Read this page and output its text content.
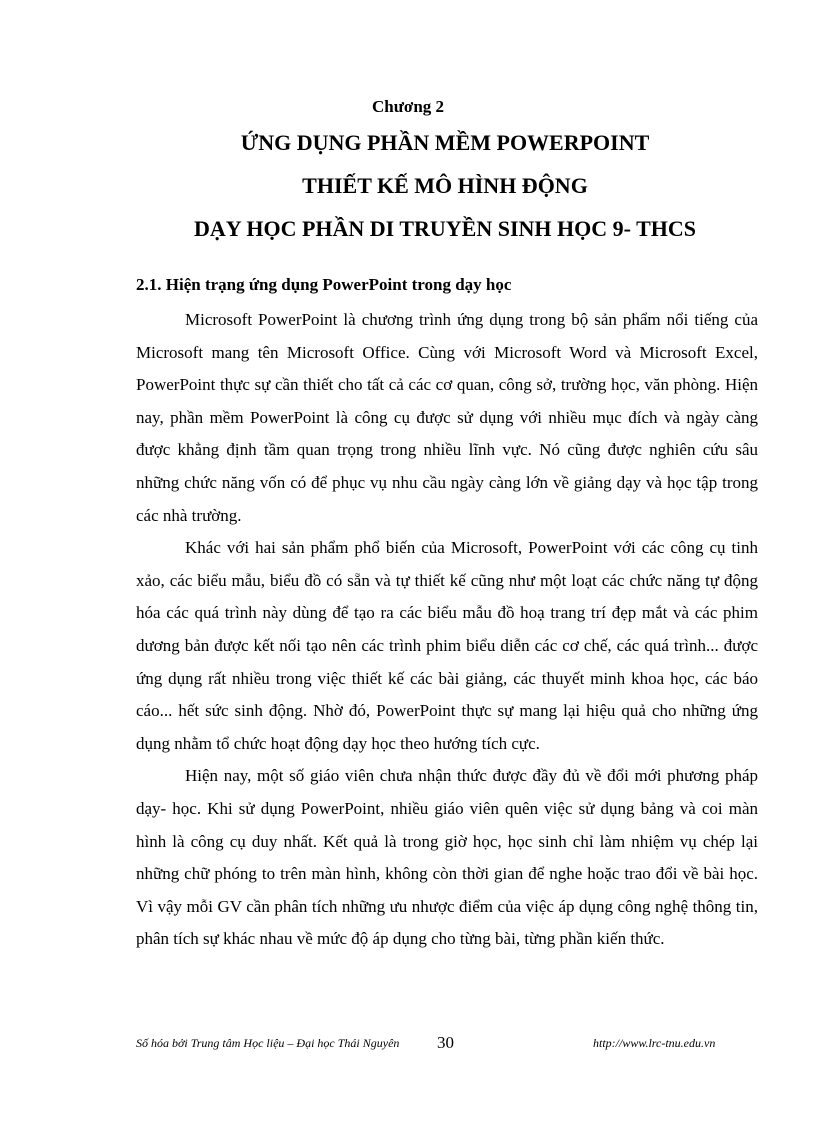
Chương 2
ỨNG DỤNG PHẦN MỀM POWERPOINT
THIẾT KẾ MÔ HÌNH ĐỘNG
DẠY HỌC PHẦN DI TRUYỀN SINH HỌC 9- THCS
2.1. Hiện trạng ứng dụng PowerPoint trong dạy học

Microsoft PowerPoint là chương trình ứng dụng trong bộ sản phẩm nổi tiếng của Microsoft mang tên Microsoft Office. Cùng với Microsoft Word và Microsoft Excel, PowerPoint thực sự cần thiết cho tất cả các cơ quan, công sở, trường học, văn phòng. Hiện nay, phần mềm PowerPoint là công cụ được sử dụng với nhiều mục đích và ngày càng được khẳng định tầm quan trọng trong nhiều lĩnh vực. Nó cũng được nghiên cứu sâu những chức năng vốn có để phục vụ nhu cầu ngày càng lớn về giảng dạy và học tập trong các nhà trường.

Khác với hai sản phẩm phổ biến của Microsoft, PowerPoint với các công cụ tinh xảo, các biểu mẫu, biểu đồ có sẵn và tự thiết kế cũng như một loạt các chức năng tự động hóa các quá trình này dùng để tạo ra các biểu mẫu đồ hoạ trang trí đẹp mắt và các phim dương bản được kết nối tạo nên các trình phim biểu diễn các cơ chế, các quá trình... được ứng dụng rất nhiều trong việc thiết kế các bài giảng, các thuyết minh khoa học, các báo cáo... hết sức sinh động. Nhờ đó, PowerPoint thực sự mang lại hiệu quả cho những ứng dụng nhằm tổ chức hoạt động dạy học theo hướng tích cực.

Hiện nay, một số giáo viên chưa nhận thức được đầy đủ về đổi mới phương pháp dạy- học. Khi sử dụng PowerPoint, nhiều giáo viên quên việc sử dụng bảng và coi màn hình là công cụ duy nhất. Kết quả là trong giờ học, học sinh chỉ làm nhiệm vụ chép lại những chữ phóng to trên màn hình, không còn thời gian để nghe hoặc trao đổi về bài học. Vì vậy mỗi GV cần phân tích những ưu nhược điểm của việc áp dụng công nghệ thông tin, phân tích sự khác nhau về mức độ áp dụng cho từng bài, từng phần kiến thức.

Số hóa bởi Trung tâm Học liệu – Đại học Thái Nguyên 30	http://www.lrc-tnu.edu.vn
